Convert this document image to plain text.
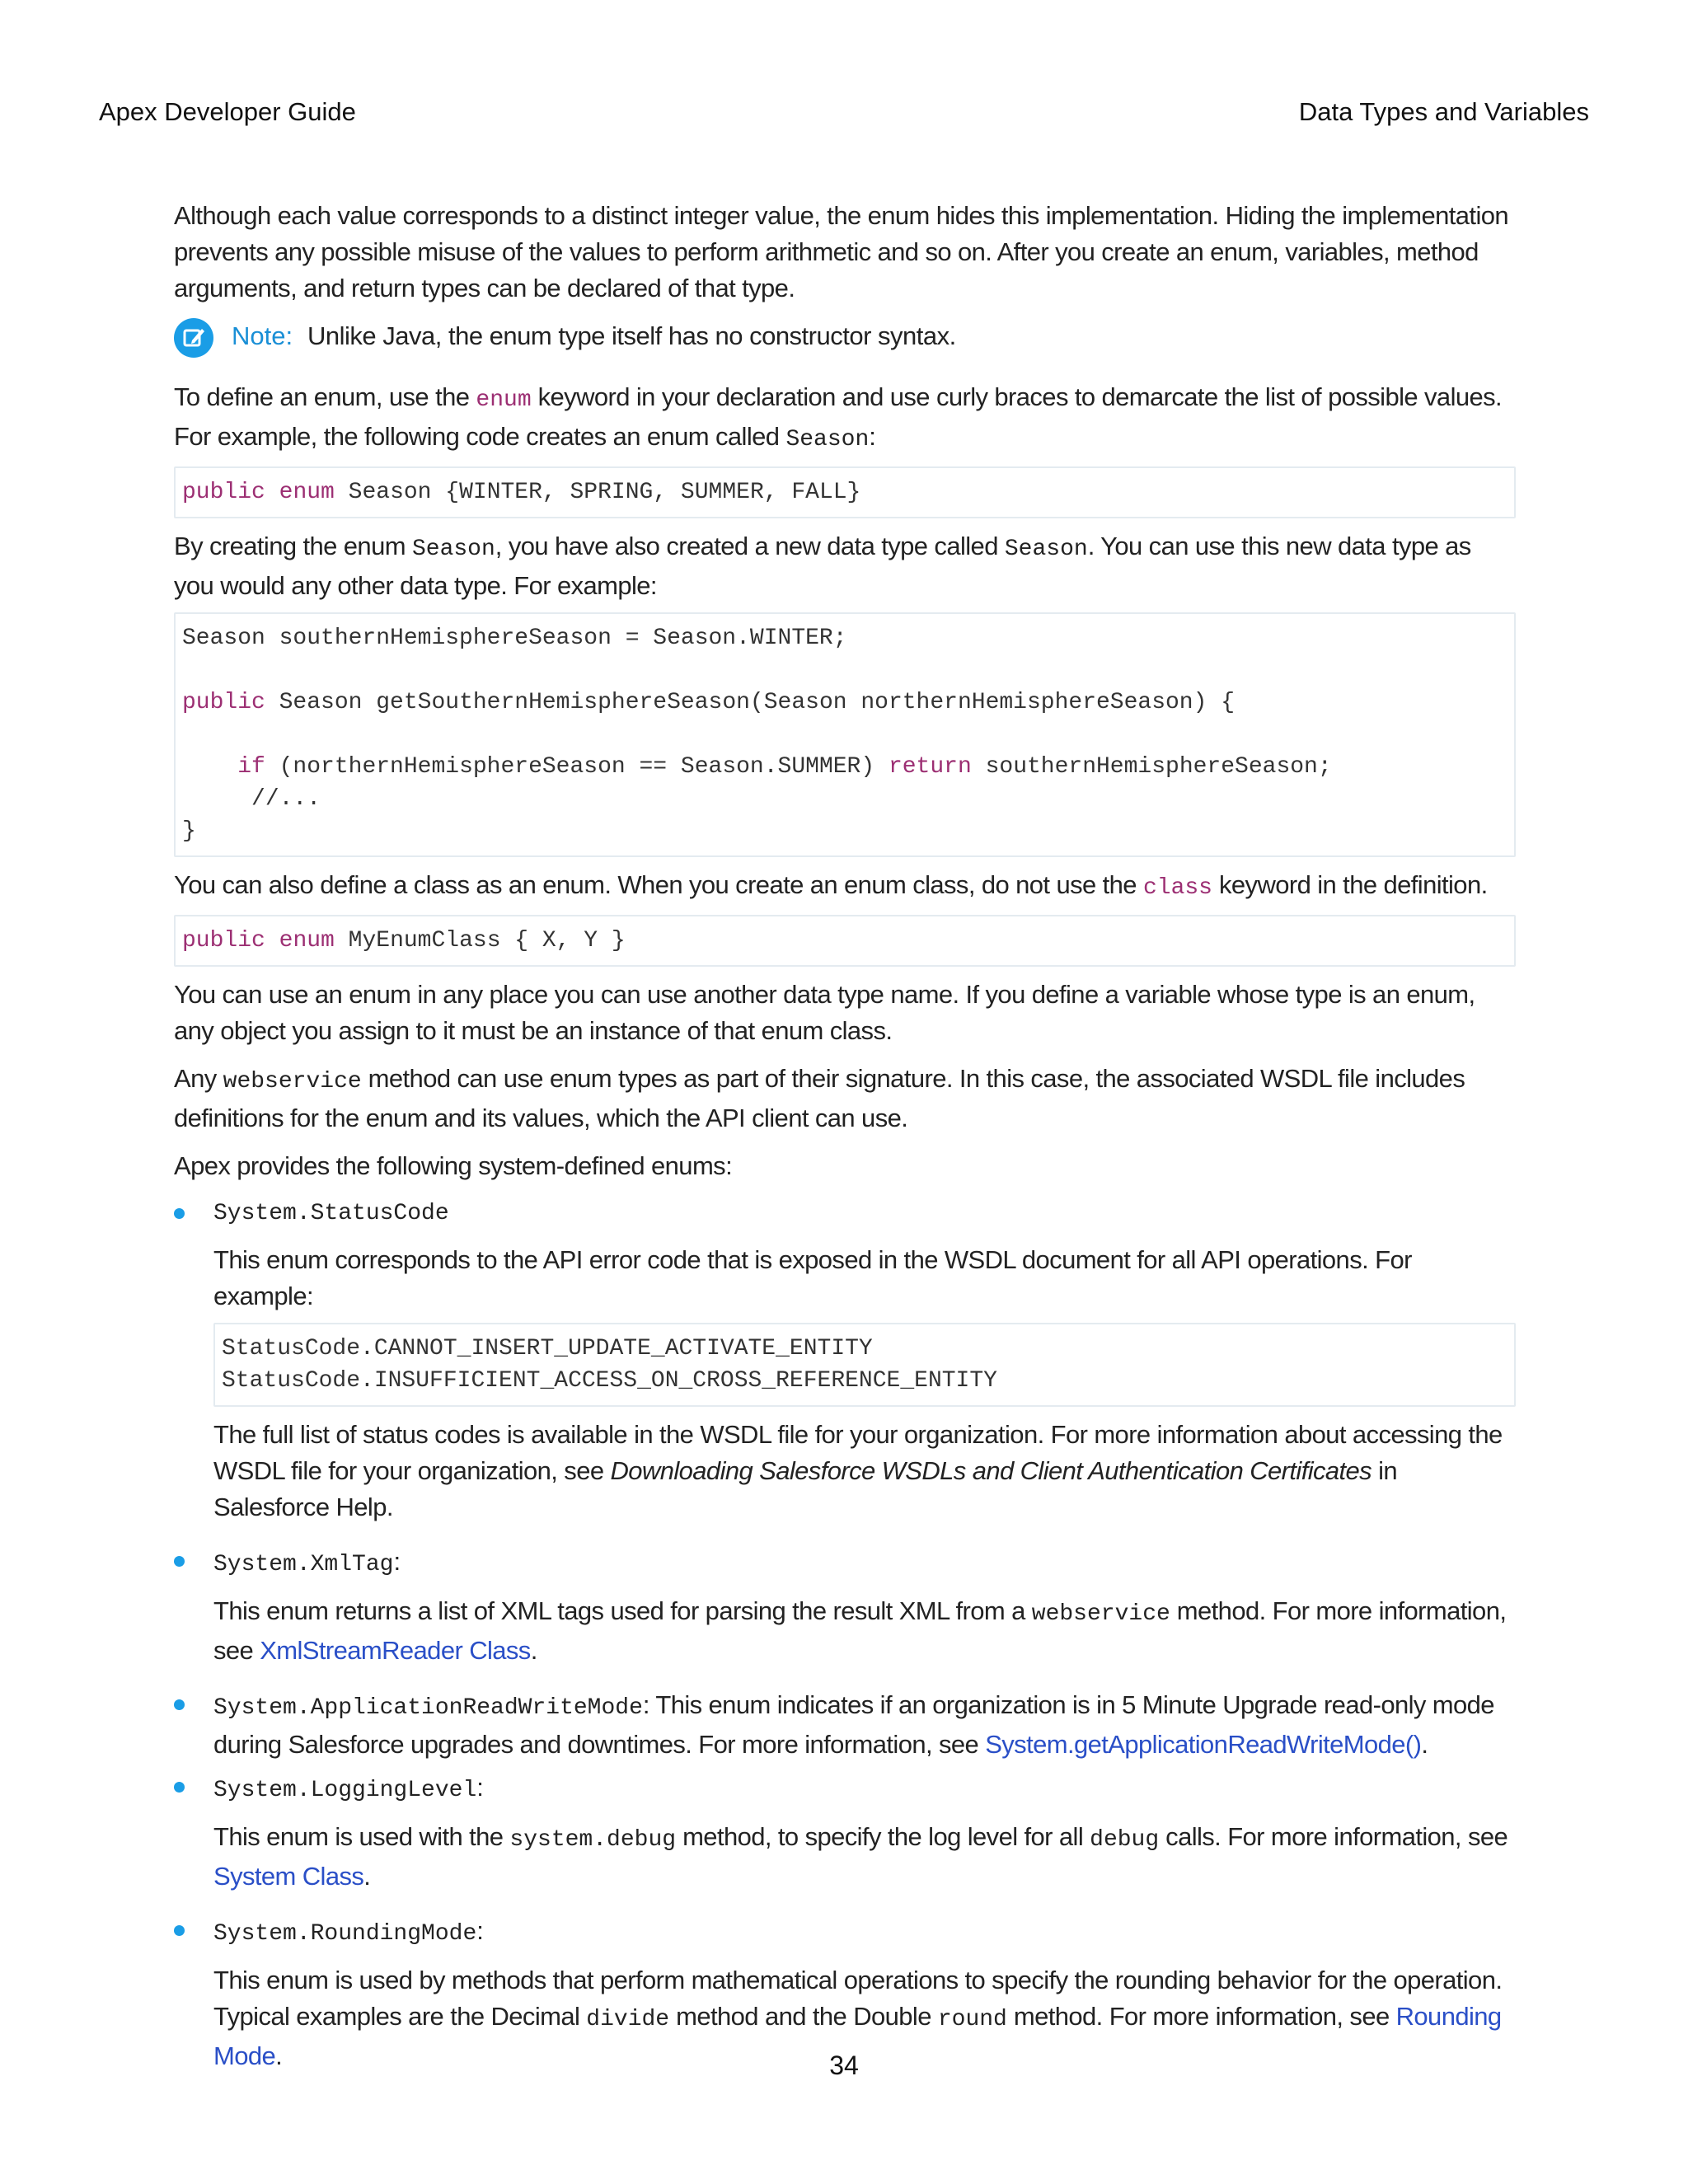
Apex Developer Guide	Data Types and Variables

Although each value corresponds to a distinct integer value, the enum hides this implementation. Hiding the implementation prevents any possible misuse of the values to perform arithmetic and so on. After you create an enum, variables, method arguments, and return types can be declared of that type.

Note: Unlike Java, the enum type itself has no constructor syntax.

To define an enum, use the enum keyword in your declaration and use curly braces to demarcate the list of possible values. For example, the following code creates an enum called Season:

public enum Season {WINTER, SPRING, SUMMER, FALL}

By creating the enum Season, you have also created a new data type called Season. You can use this new data type as you would any other data type. For example:

Season southernHemisphereSeason = Season.WINTER;
public Season getSouthernHemisphereSeason(Season northernHemisphereSeason) {
if (northernHemisphereSeason == Season.SUMMER) return southernHemisphereSeason;
//...
}

You can also define a class as an enum. When you create an enum class, do not use the class keyword in the definition.

public enum MyEnumClass { X, Y }

You can use an enum in any place you can use another data type name. If you define a variable whose type is an enum, any object you assign to it must be an instance of that enum class.

Any webservice method can use enum types as part of their signature. In this case, the associated WSDL file includes definitions for the enum and its values, which the API client can use.

Apex provides the following system-defined enums:

System.StatusCode

This enum corresponds to the API error code that is exposed in the WSDL document for all API operations. For example:

StatusCode.CANNOT_INSERT_UPDATE_ACTIVATE_ENTITY
StatusCode.INSUFFICIENT_ACCESS_ON_CROSS_REFERENCE_ENTITY

The full list of status codes is available in the WSDL file for your organization. For more information about accessing the WSDL file for your organization, see Downloading Salesforce WSDLs and Client Authentication Certificates in Salesforce Help.

System.XmlTag:

This enum returns a list of XML tags used for parsing the result XML from a webservice method. For more information, see XmlStreamReader Class.

System.ApplicationReadWriteMode: This enum indicates if an organization is in 5 Minute Upgrade read-only mode during Salesforce upgrades and downtimes. For more information, see System.getApplicationReadWriteMode().

System.LoggingLevel:

This enum is used with the system.debug method, to specify the log level for all debug calls. For more information, see System Class.

System.RoundingMode:

This enum is used by methods that perform mathematical operations to specify the rounding behavior for the operation. Typical examples are the Decimal divide method and the Double round method. For more information, see Rounding Mode.	34
